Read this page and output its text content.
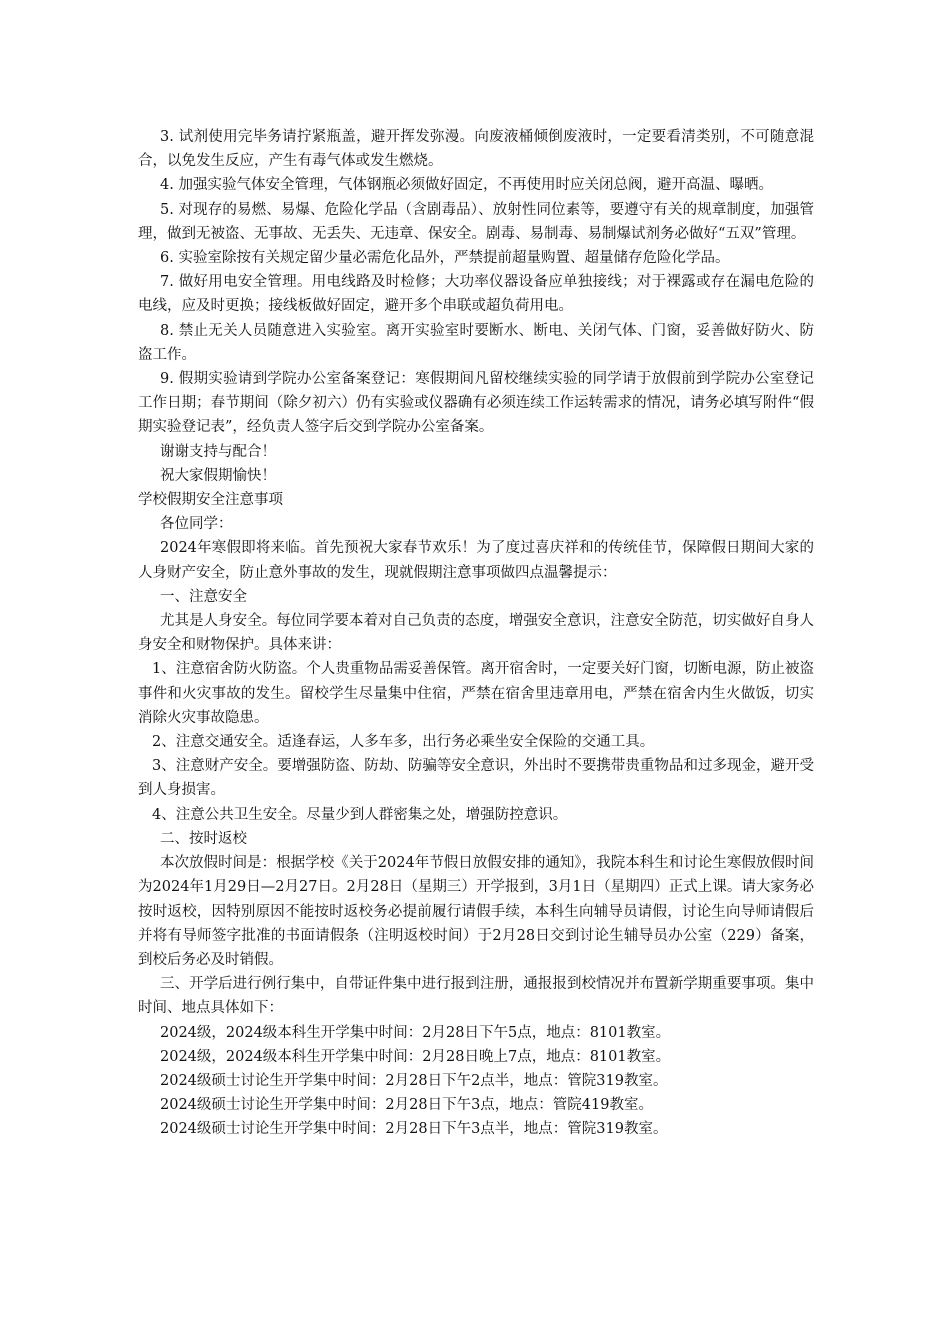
3. 试剂使用完毕务请拧紧瓶盖，避开挥发弥漫。向废液桶倾倒废液时，一定要看清类别，不可随意混合，以免发生反应，产生有毒气体或发生燃烧。

4. 加强实验气体安全管理，气体钢瓶必须做好固定，不再使用时应关闭总阀，避开高温、曝晒。

5. 对现存的易燃、易爆、危险化学品（含剧毒品）、放射性同位素等，要遵守有关的规章制度，加强管理，做到无被盗、无事故、无丢失、无违章、保安全。剧毒、易制毒、易制爆试剂务必做好“五双”管理。

6. 实验室除按有关规定留少量必需危化品外，严禁提前超量购置、超量储存危险化学品。

7. 做好用电安全管理。用电线路及时检修；大功率仪器设备应单独接线；对于裸露或存在漏电危险的电线，应及时更换；接线板做好固定，避开多个串联或超负荷用电。

8. 禁止无关人员随意进入实验室。离开实验室时要断水、断电、关闭气体、门窗，妥善做好防火、防盗工作。

9. 假期实验请到学院办公室备案登记：寒假期间凡留校继续实验的同学请于放假前到学院办公室登记工作日期；春节期间（除夕初六）仍有实验或仪器确有必须连续工作运转需求的情况，请务必填写附件“假期实验登记表”，经负责人签字后交到学院办公室备案。

谢谢支持与配合！

祝大家假期愉快！

学校假期安全注意事项

各位同学：

2024年寒假即将来临。首先预祝大家春节欢乐！为了度过喜庆祥和的传统佳节，保障假日期间大家的人身财产安全，防止意外事故的发生，现就假期注意事项做四点温馨提示：

一、注意安全

尤其是人身安全。每位同学要本着对自己负责的态度，增强安全意识，注意安全防范，切实做好自身人身安全和财物保护。具体来讲：

1、注意宿舍防火防盗。个人贵重物品需妥善保管。离开宿舍时，一定要关好门窗，切断电源，防止被盗事件和火灾事故的发生。留校学生尽量集中住宿，严禁在宿舍里违章用电，严禁在宿舍内生火做饭，切实消除火灾事故隐患。

2、注意交通安全。适逢春运，人多车多，出行务必乘坐安全保险的交通工具。

3、注意财产安全。要增强防盗、防劫、防骗等安全意识，外出时不要携带贵重物品和过多现金，避开受到人身损害。

4、注意公共卫生安全。尽量少到人群密集之处，增强防控意识。

二、按时返校

本次放假时间是：根据学校《关于2024年节假日放假安排的通知》，我院本科生和讨论生寒假放假时间为2024年1月29日—2月27日。2月28日（星期三）开学报到，3月1日（星期四）正式上课。请大家务必按时返校，因特别原因不能按时返校务必提前履行请假手续，本科生向辅导员请假，讨论生向导师请假后并将有导师签字批准的书面请假条（注明返校时间）于2月28日交到讨论生辅导员办公室（229）备案，到校后务必及时销假。

三、开学后进行例行集中，自带证件集中进行报到注册，通报报到校情况并布置新学期重要事项。集中时间、地点具体如下：

2024级，2024级本科生开学集中时间：2月28日下午5点，地点：8101教室。

2024级，2024级本科生开学集中时间：2月28日晚上7点，地点：8101教室。

2024级硕士讨论生开学集中时间：2月28日下午2点半，地点：管院319教室。

2024级硕士讨论生开学集中时间：2月28日下午3点，地点：管院419教室。

2024级硕士讨论生开学集中时间：2月28日下午3点半，地点：管院319教室。
